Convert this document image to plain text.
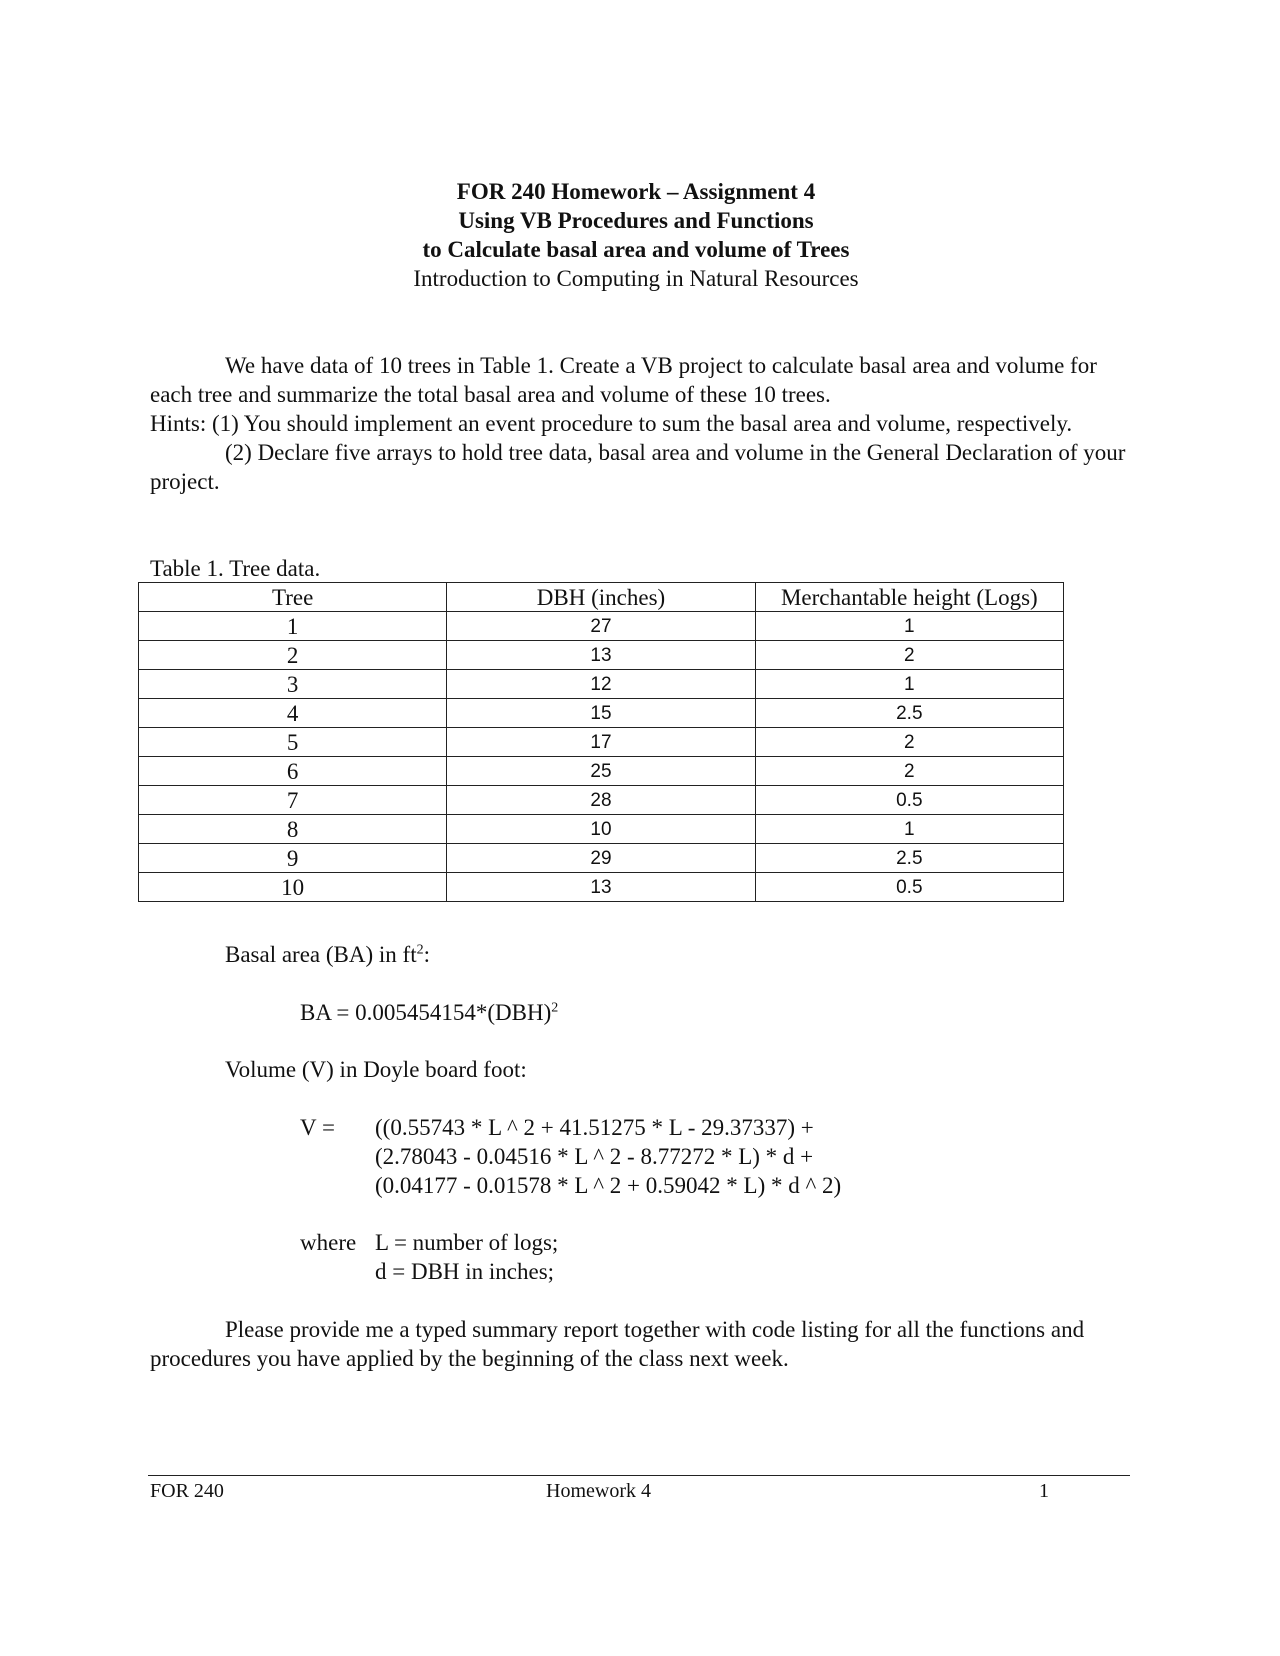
FOR 240 Homework – Assignment 4
Using VB Procedures and Functions
to Calculate basal area and volume of Trees
Introduction to Computing in Natural Resources
We have data of 10 trees in Table 1. Create a VB project to calculate basal area and volume for each tree and summarize the total basal area and volume of these 10 trees.
Hints: (1) You should implement an event procedure to sum the basal area and volume, respectively.
(2) Declare five arrays to hold tree data, basal area and volume in the General Declaration of your project.
Table 1. Tree data.
Tree	DBH (inches)	Merchantable height (Logs)
1	27	1
2	13	2
3	12	1
4	15	2.5
5	17	2
6	25	2
7	28	0.5
8	10	1
9	29	2.5
10	13	0.5
Basal area (BA) in $ft^2$:
BA = 0.005454154*(DBH)$^2$
Volume (V) in Doyle board foot:
V = ((0.55743 * L ^ 2 + 41.51275 * L - 29.37337) +
(2.78043 - 0.04516 * L ^ 2 - 8.77272 * L) * d +
(0.04177 - 0.01578 * L ^ 2 + 0.59042 * L) * d ^ 2)
where L = number of logs;
d = DBH in inches;
Please provide me a typed summary report together with code listing for all the functions and procedures you have applied by the beginning of the class next week.
FOR 240	Homework 4	1
